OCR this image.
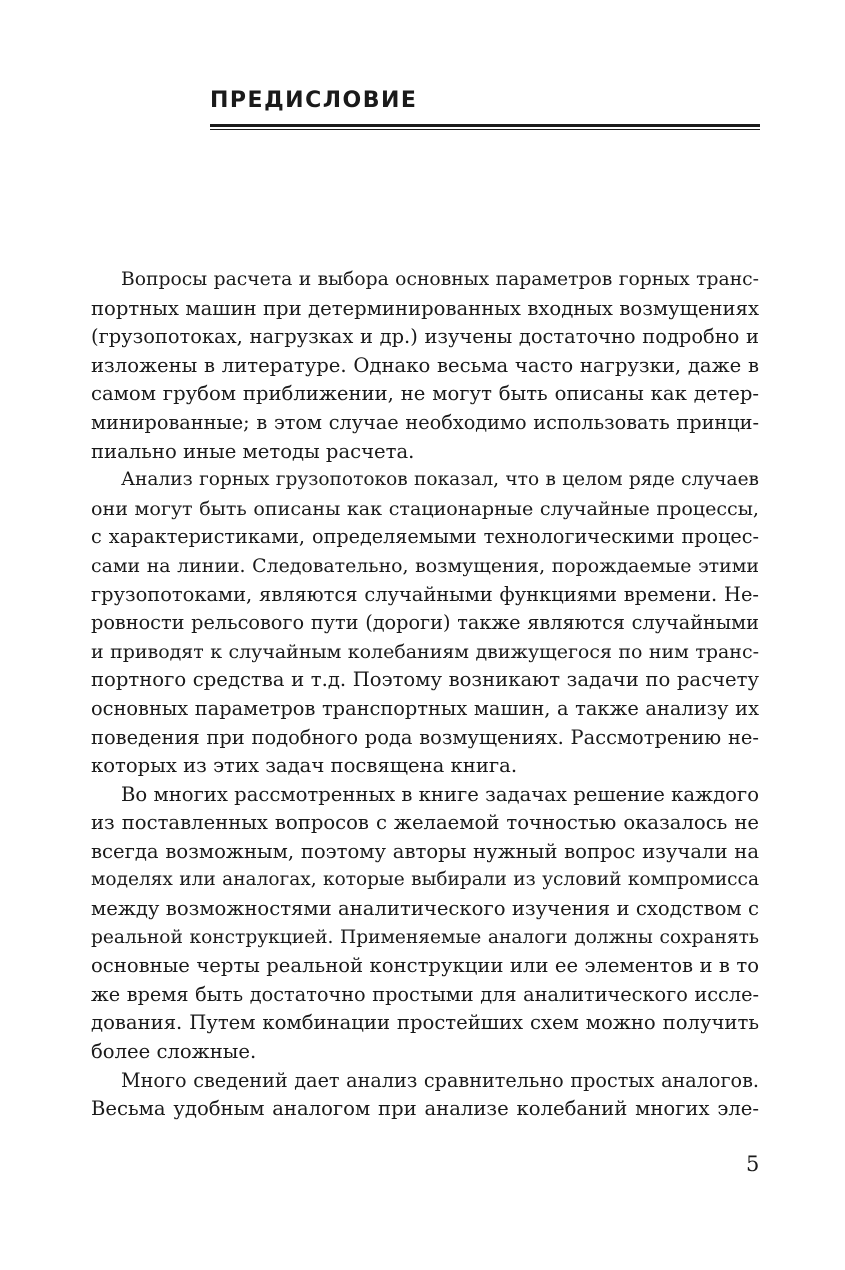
ПРЕДИСЛОВИЕ
Вопросы расчета и выбора основных параметров горных транс-
портных машин при детерминированных входных возмущениях
(грузопотоках, нагрузках и др.) изучены достаточно подробно и
изложены в литературе. Однако весьма часто нагрузки, даже в
самом грубом приближении, не могут быть описаны как детер-
минированные; в этом случае необходимо использовать принци-
пиально иные методы расчета.
Анализ горных грузопотоков показал, что в целом ряде случаев
они могут быть описаны как стационарные случайные процессы,
с характеристиками, определяемыми технологическими процес-
сами на линии. Следовательно, возмущения, порождаемые этими
грузопотоками, являются случайными функциями времени. Не-
ровности рельсового пути (дороги) также являются случайными
и приводят к случайным колебаниям движущегося по ним транс-
портного средства и т.д. Поэтому возникают задачи по расчету
основных параметров транспортных машин, а также анализу их
поведения при подобного рода возмущениях. Рассмотрению не-
которых из этих задач посвящена книга.
Во многих рассмотренных в книге задачах решение каждого
из поставленных вопросов с желаемой точностью оказалось не
всегда возможным, поэтому авторы нужный вопрос изучали на
моделях или аналогах, которые выбирали из условий компромисса
между возможностями аналитического изучения и сходством с
реальной конструкцией. Применяемые аналоги должны сохранять
основные черты реальной конструкции или ее элементов и в то
же время быть достаточно простыми для аналитического иссле-
дования. Путем комбинации простейших схем можно получить
более сложные.
Много сведений дает анализ сравнительно простых аналогов.
Весьма удобным аналогом при анализе колебаний многих эле-
5
